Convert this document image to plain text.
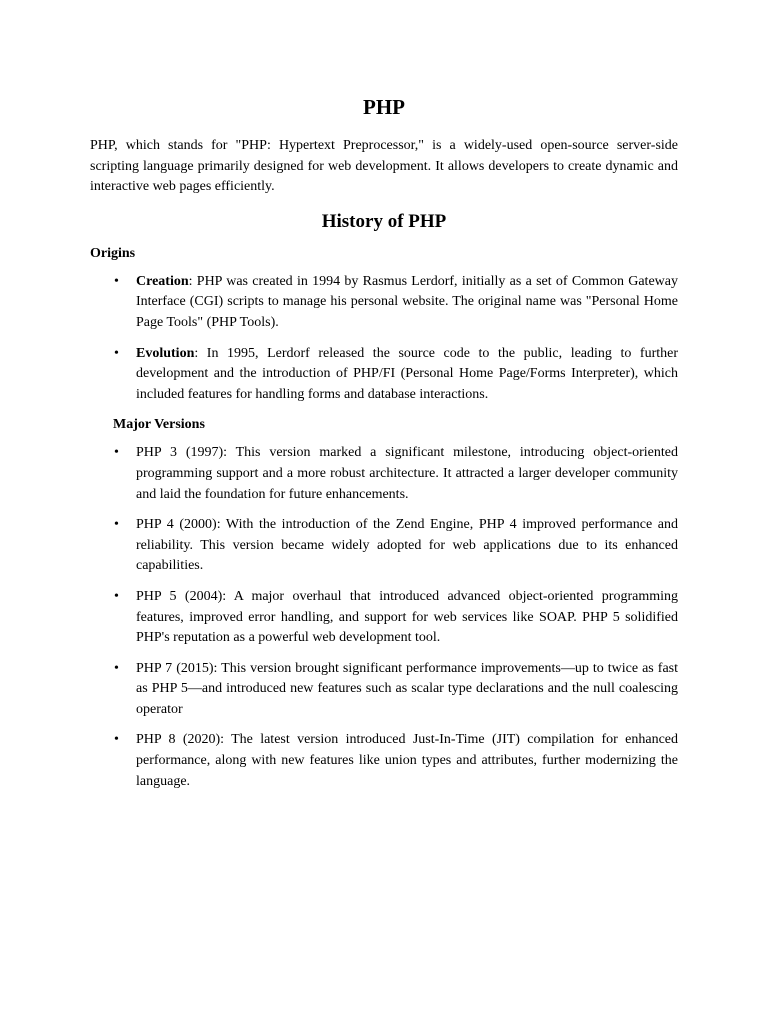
PHP

PHP, which stands for "PHP: Hypertext Preprocessor," is a widely-used open-source server-side scripting language primarily designed for web development. It allows developers to create dynamic and interactive web pages efficiently.

History of PHP
Origins
• Creation: PHP was created in 1994 by Rasmus Lerdorf, initially as a set of Common Gateway Interface (CGI) scripts to manage his personal website. The original name was "Personal Home Page Tools" (PHP Tools).
• Evolution: In 1995, Lerdorf released the source code to the public, leading to further development and the introduction of PHP/FI (Personal Home Page/Forms Interpreter), which included features for handling forms and database interactions.
Major Versions
• PHP 3 (1997): This version marked a significant milestone, introducing object-oriented programming support and a more robust architecture. It attracted a larger developer community and laid the foundation for future enhancements.
• PHP 4 (2000): With the introduction of the Zend Engine, PHP 4 improved performance and reliability. This version became widely adopted for web applications due to its enhanced capabilities.
• PHP 5 (2004): A major overhaul that introduced advanced object-oriented programming features, improved error handling, and support for web services like SOAP. PHP 5 solidified PHP's reputation as a powerful web development tool.
• PHP 7 (2015): This version brought significant performance improvements—up to twice as fast as PHP 5—and introduced new features such as scalar type declarations and the null coalescing operator
• PHP 8 (2020): The latest version introduced Just-In-Time (JIT) compilation for enhanced performance, along with new features like union types and attributes, further modernizing the language.
